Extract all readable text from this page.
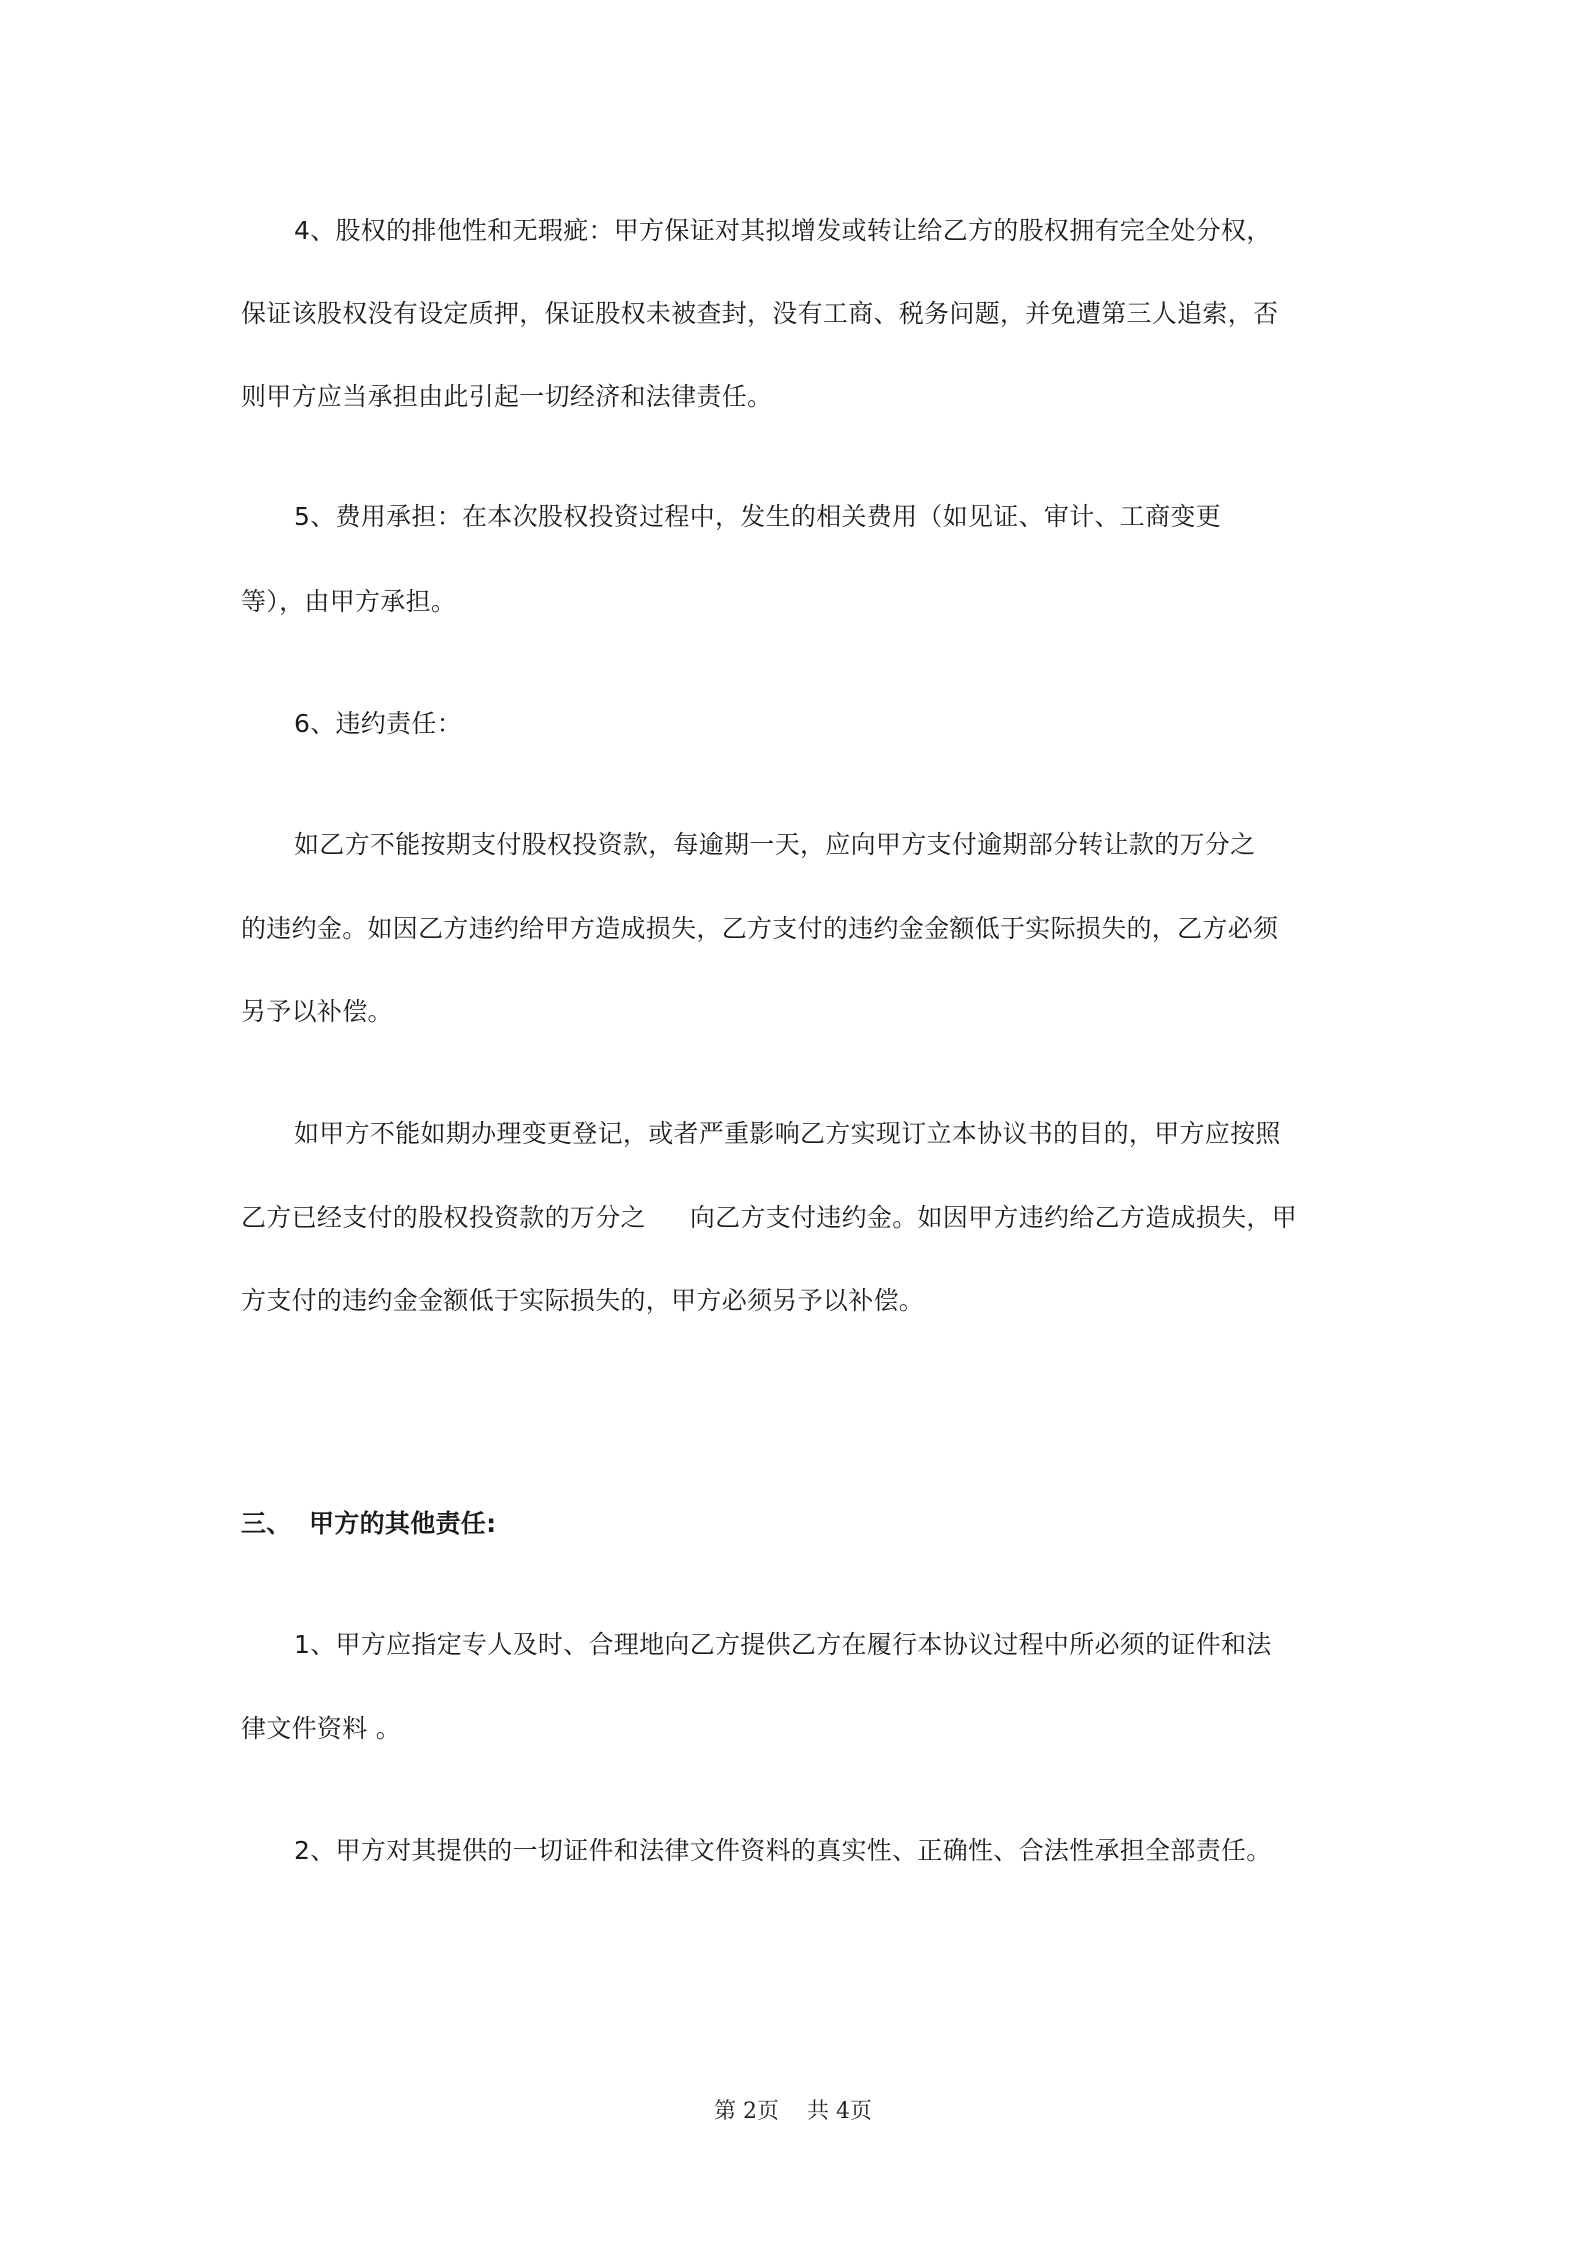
4、股权的排他性和无瑕疵：甲方保证对其拟增发或转让给乙方的股权拥有完全处分权，
保证该股权没有设定质押，保证股权未被查封，没有工商、税务问题，并免遭第三人追索，否
则甲方应当承担由此引起一切经济和法律责任。
5、费用承担：在本次股权投资过程中，发生的相关费用（如见证、审计、工商变更
等），由甲方承担。
6、违约责任：
如乙方不能按期支付股权投资款，每逾期一天，应向甲方支付逾期部分转让款的万分之
的违约金。如因乙方违约给甲方造成损失，乙方支付的违约金金额低于实际损失的，乙方必须
另予以补偿。
如甲方不能如期办理变更登记，或者严重影响乙方实现订立本协议书的目的，甲方应按照
乙方已经支付的股权投资款的万分之 向乙方支付违约金。如因甲方违约给乙方造成损失，甲
方支付的违约金金额低于实际损失的，甲方必须另予以补偿。
三、 甲方的其他责任:
1、甲方应指定专人及时、合理地向乙方提供乙方在履行本协议过程中所必须的证件和法
律文件资料 。
2、甲方对其提供的一切证件和法律文件资料的真实性、正确性、合法性承担全部责任。
第 2页 共 4页
